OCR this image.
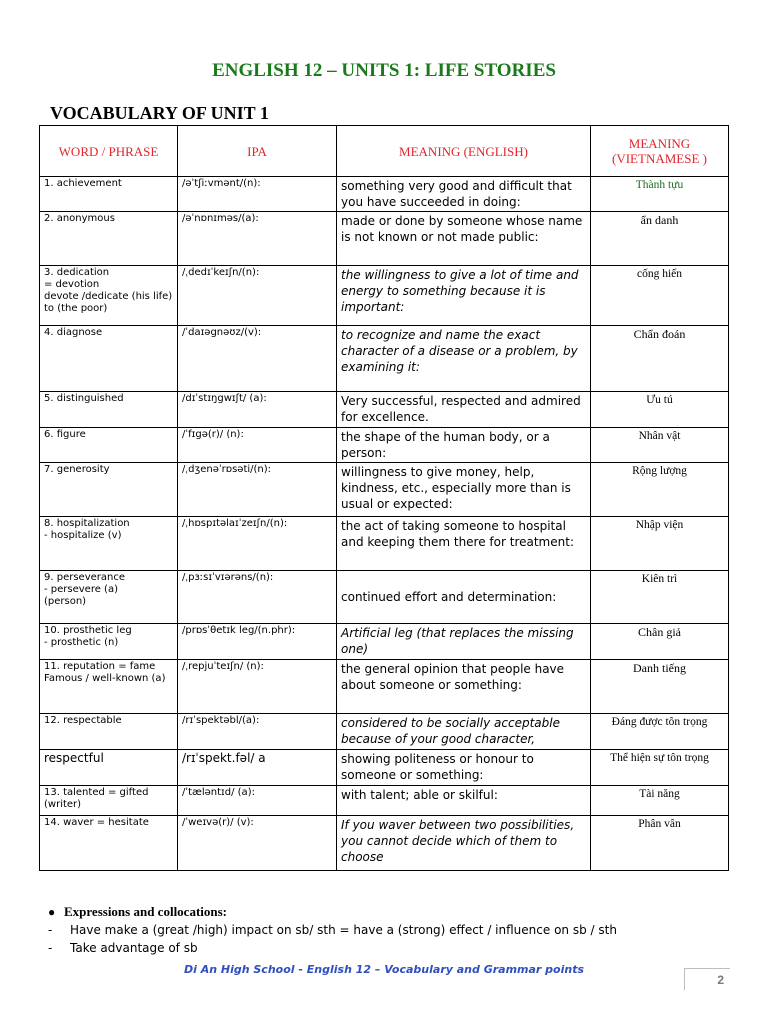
ENGLISH 12 – UNITS 1: LIFE STORIES
VOCABULARY OF UNIT 1
WORD / PHRASE	IPA	MEANING (ENGLISH)	MEANING (VIETNAMESE )
1. achievement	/əˈtʃiːvmənt/(n):	something very good and difficult that you have succeeded in doing:	Thành tựu
2. anonymous	/əˈnɒnɪməs/(a):	made or done by someone whose name is not known or not made public:	ẩn danh
3. dedication
= devotion
devote /dedicate (his life) to (the poor)	/ˌdedɪˈkeɪʃn/(n):	the willingness to give a lot of time and energy to something because it is important:	cống hiến
4. diagnose	/ˈdaɪəgnəʊz/(v):	to recognize and name the exact character of a disease or a problem, by examining it:	Chẩn đoán
5. distinguished	/dɪˈstɪŋgwɪʃt/ (a):	Very successful, respected and admired for excellence.	Ưu tú
6. figure	/ˈfɪgə(r)/ (n):	the shape of the human body, or a person:	Nhân vật
7. generosity	/ˌdʒenəˈrɒsəti/(n):	willingness to give money, help, kindness, etc., especially more than is usual or expected:	Rộng lượng
8. hospitalization
- hospitalize (v)	/ˌhɒspɪtəlaɪˈzeɪʃn/(n):	the act of taking someone to hospital and keeping them there for treatment:	Nhập viện
9. perseverance
- persevere (a)
(person)	/ˌpɜːsɪˈvɪərəns/(n):	continued effort and determination:	Kiên trì
10. prosthetic leg
- prosthetic (n)	/prɒsˈθetɪk leg/(n.phr):	Artificial leg (that replaces the missing one)	Chân giả
11. reputation = fame
Famous / well-known (a)	/ˌrepjuˈteɪʃn/ (n):	the general opinion that people have about someone or something:	Danh tiếng
12. respectable	/rɪˈspektəbl/(a):	considered to be socially acceptable because of your good character,	Đáng được tôn trọng
respectful	/rɪˈspekt.fəl/ a	showing politeness or honour to someone or something:	Thể hiện sự tôn trọng
13. talented = gifted (writer)	/ˈtæləntɪd/ (a):	with talent; able or skilful:	Tài năng
14. waver = hesitate	/ˈweɪvə(r)/ (v):	If you waver between two possibilities, you cannot decide which of them to choose	Phân vân

● Expressions and collocations:

- Have make a (great /high) impact on sb/ sth = have a (strong) effect / influence on sb / sth

- Take advantage of sb

Di An High School - English 12 – Vocabulary and Grammar points
2
